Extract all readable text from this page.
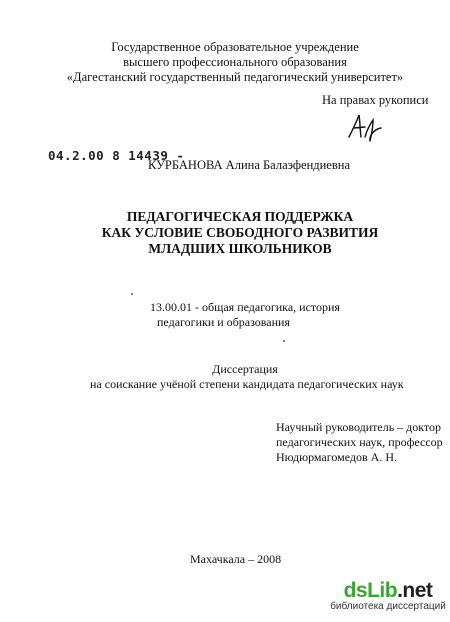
Государственное образовательное учреждение
высшего профессионального образования
«Дагестанский государственный педагогический университет»
На правах рукописи
04.2.00 8 14439 -
КУРБАНОВА Алина Балаэфендиевна
ПЕДАГОГИЧЕСКАЯ ПОДДЕРЖКА
КАК УСЛОВИЕ СВОБОДНОГО РАЗВИТИЯ
МЛАДШИХ ШКОЛЬНИКОВ
13.00.01 - общая педагогика, история
педагогики и образования
Диссертация
на соискание учёной степени кандидата педагогических наук
Научный руководитель – доктор
педагогических наук, профессор
Нюдюрмагомедов А. Н.
Махачкала – 2008
dsLib.net
библиотека диссертаций
